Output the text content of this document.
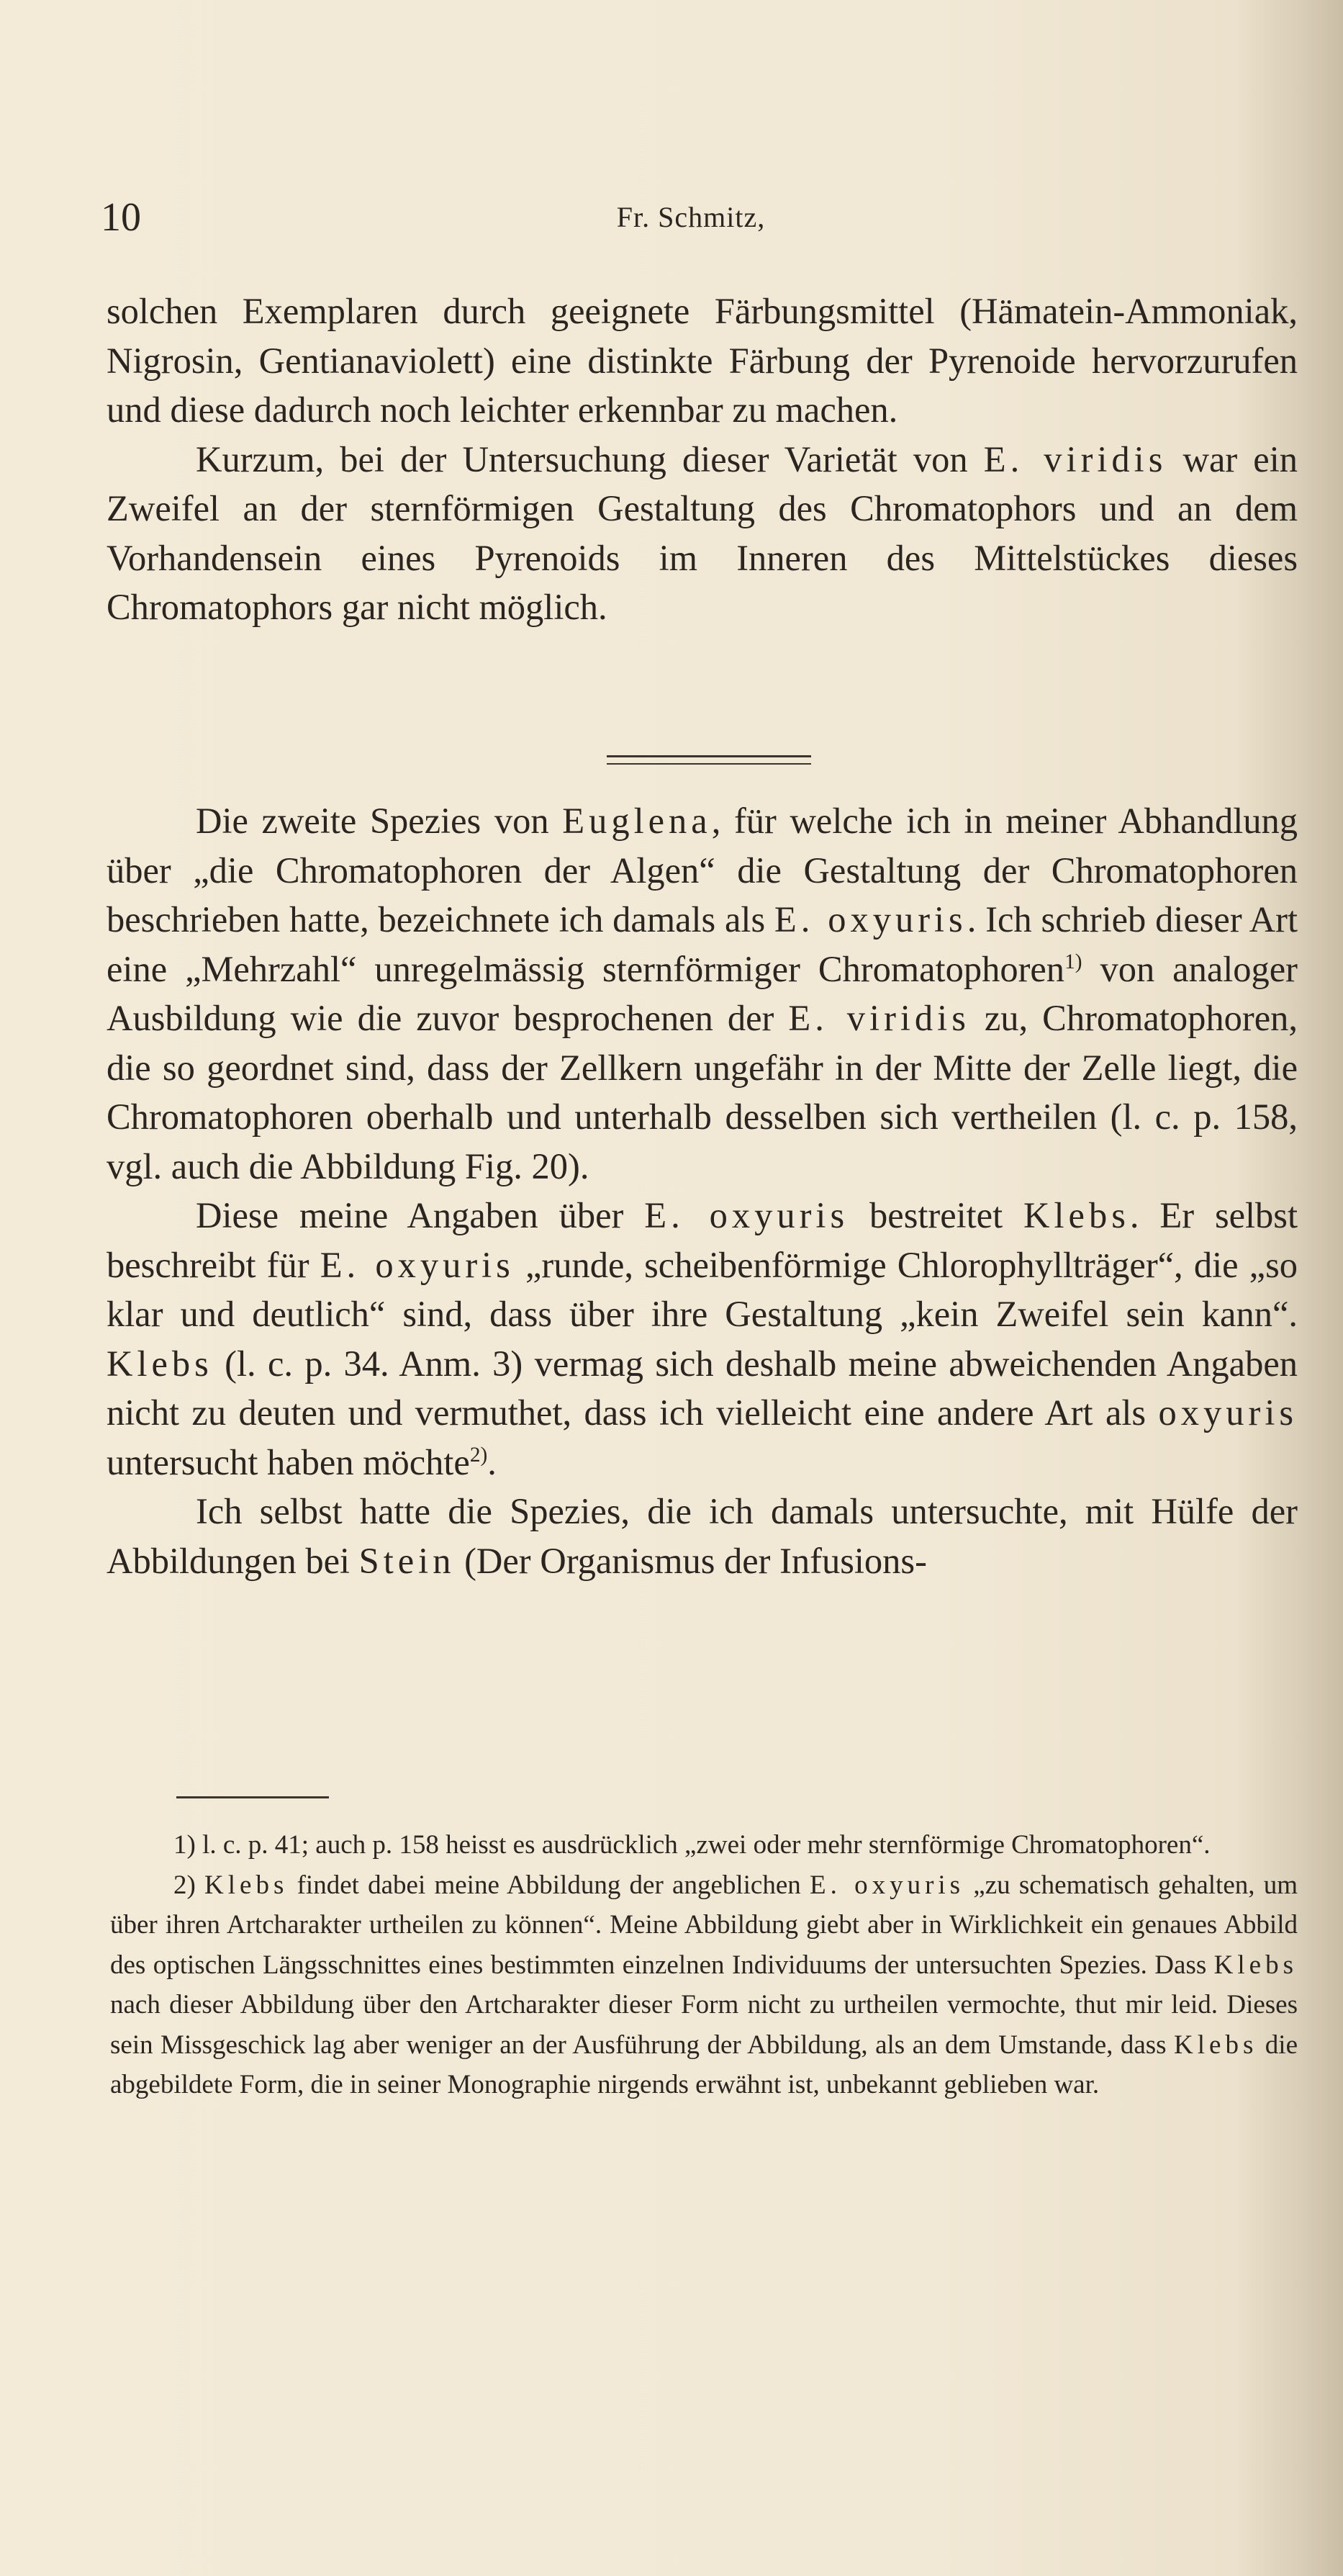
10	Fr. Schmitz,

solchen Exemplaren durch geeignete Färbungsmittel (Hämatein-Ammoniak, Nigrosin, Gentianaviolett) eine distinkte Färbung der Pyrenoide hervorzurufen und diese dadurch noch leichter erkennbar zu machen.

Kurzum, bei der Untersuchung dieser Varietät von E. viridis war ein Zweifel an der sternförmigen Gestaltung des Chromatophors und an dem Vorhandensein eines Pyrenoids im Inneren des Mittelstückes dieses Chromatophors gar nicht möglich.

Die zweite Spezies von Euglena, für welche ich in meiner Abhandlung über „die Chromatophoren der Algen“ die Gestaltung der Chromatophoren beschrieben hatte, bezeichnete ich damals als E. oxyuris. Ich schrieb dieser Art eine „Mehrzahl“ unregelmässig sternförmiger Chromatophoren$^{1)}$ von analoger Ausbildung wie die zuvor besprochenen der E. viridis zu, Chromatophoren, die so geordnet sind, dass der Zellkern ungefähr in der Mitte der Zelle liegt, die Chromatophoren oberhalb und unterhalb desselben sich vertheilen (l. c. p. 158, vgl. auch die Abbildung Fig. 20).

Diese meine Angaben über E. oxyuris bestreitet Klebs. Er selbst beschreibt für E. oxyuris „runde, scheibenförmige Chlorophyllträger“, die „so klar und deutlich“ sind, dass über ihre Gestaltung „kein Zweifel sein kann“. Klebs (l. c. p. 34. Anm. 3) vermag sich deshalb meine abweichenden Angaben nicht zu deuten und vermuthet, dass ich vielleicht eine andere Art als oxyuris untersucht haben möchte$^{2)}$.

Ich selbst hatte die Spezies, die ich damals untersuchte, mit Hülfe der Abbildungen bei Stein (Der Organismus der Infusions-

1) l. c. p. 41; auch p. 158 heisst es ausdrücklich „zwei oder mehr sternförmige Chromatophoren“.

2) Klebs findet dabei meine Abbildung der angeblichen E. oxyuris „zu schematisch gehalten, um über ihren Artcharakter urtheilen zu können“. Meine Abbildung giebt aber in Wirklichkeit ein genaues Abbild des optischen Längsschnittes eines bestimmten einzelnen Individuums der untersuchten Spezies. Dass Klebs nach dieser Abbildung über den Artcharakter dieser Form nicht zu urtheilen vermochte, thut mir leid. Dieses sein Missgeschick lag aber weniger an der Ausführung der Abbildung, als an dem Umstande, dass Klebs die abgebildete Form, die in seiner Monographie nirgends erwähnt ist, unbekannt geblieben war.
